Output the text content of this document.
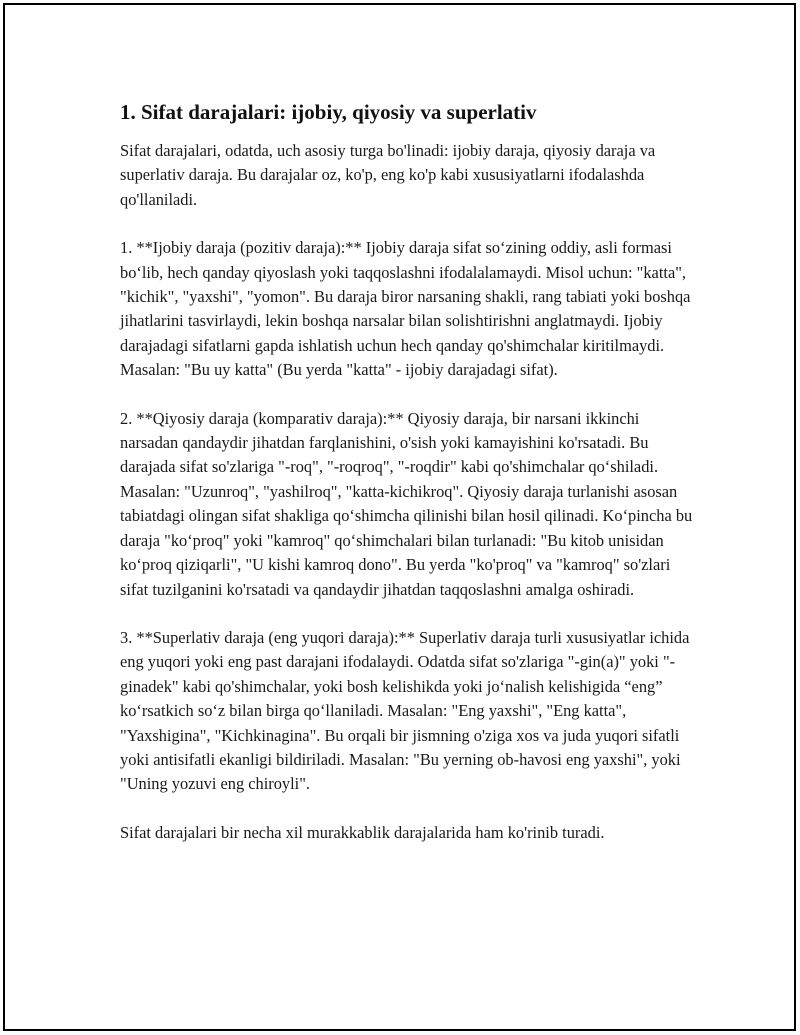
1. Sifat darajalari: ijobiy, qiyosiy va superlativ

Sifat darajalari, odatda, uch asosiy turga bo'linadi: ijobiy daraja, qiyosiy daraja va superlativ daraja. Bu darajalar oz, ko'p, eng ko'p kabi xususiyatlarni ifodalashda qo'llaniladi.

1. **Ijobiy daraja (pozitiv daraja):** Ijobiy daraja sifat so‘zining oddiy, asli formasi bo‘lib, hech qanday qiyoslash yoki taqqoslashni ifodalalamaydi. Misol uchun: "katta", "kichik", "yaxshi", "yomon". Bu daraja biror narsaning shakli, rang tabiati yoki boshqa jihatlarini tasvirlaydi, lekin boshqa narsalar bilan solishtirishni anglatmaydi. Ijobiy darajadagi sifatlarni gapda ishlatish uchun hech qanday qo'shimchalar kiritilmaydi. Masalan: "Bu uy katta" (Bu yerda "katta" - ijobiy darajadagi sifat).

2. **Qiyosiy daraja (komparativ daraja):** Qiyosiy daraja, bir narsani ikkinchi narsadan qandaydir jihatdan farqlanishini, o'sish yoki kamayishini ko'rsatadi. Bu darajada sifat so'zlariga "-roq", "-roqroq", "-roqdir" kabi qo'shimchalar qo‘shiladi. Masalan: "Uzunroq", "yashilroq", "katta-kichikroq". Qiyosiy daraja turlanishi asosan tabiatdagi olingan sifat shakliga qo‘shimcha qilinishi bilan hosil qilinadi. Ko‘pincha bu daraja "ko‘proq" yoki "kamroq" qo‘shimchalari bilan turlanadi: "Bu kitob unisidan ko‘proq qiziqarli", "U kishi kamroq dono". Bu yerda "ko'proq" va "kamroq" so'zlari sifat tuzilganini ko'rsatadi va qandaydir jihatdan taqqoslashni amalga oshiradi.

3. **Superlativ daraja (eng yuqori daraja):** Superlativ daraja turli xususiyatlar ichida eng yuqori yoki eng past darajani ifodalaydi. Odatda sifat so'zlariga "-gin(a)" yoki "-ginadek" kabi qo'shimchalar, yoki bosh kelishikda yoki jo‘nalish kelishigida “eng” ko‘rsatkich so‘z bilan birga qo‘llaniladi. Masalan: "Eng yaxshi", "Eng katta", "Yaxshigina", "Kichkinagina". Bu orqali bir jismning o'ziga xos va juda yuqori sifatli yoki antisifatli ekanligi bildiriladi. Masalan: "Bu yerning ob-havosi eng yaxshi", yoki "Uning yozuvi eng chiroyli".

Sifat darajalari bir necha xil murakkablik darajalarida ham ko'rinib turadi.
